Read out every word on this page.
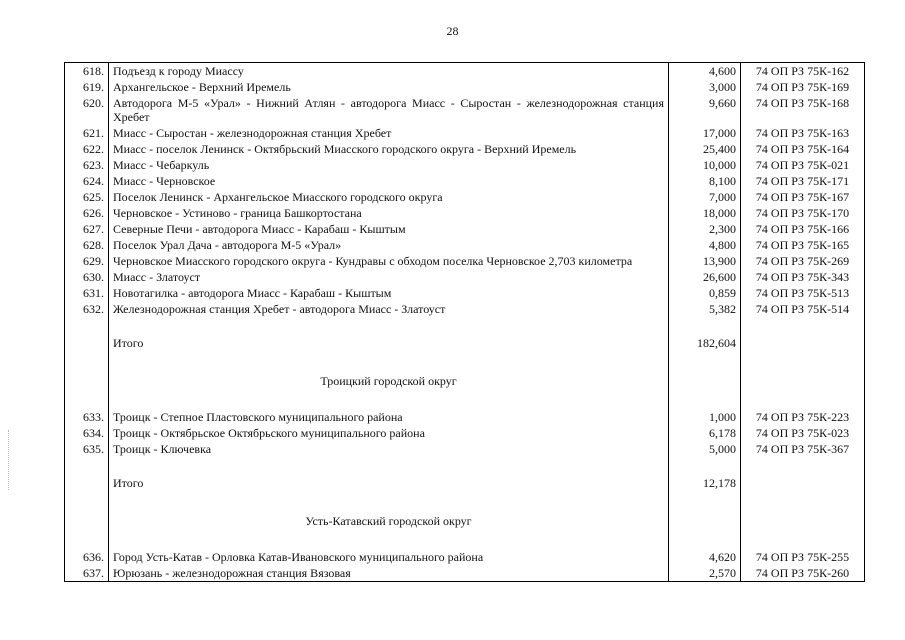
28
618.	Подъезд к городу Миассу	4,600	74 ОП РЗ 75К-162
619.	Архангельское - Верхний Иремель	3,000	74 ОП РЗ 75К-169
620.	Автодорога М-5 «Урал» - Нижний Атлян - автодорога Миасс - Сыростан - железнодорожная станция Хребет	9,660	74 ОП РЗ 75К-168
621.	Миасс - Сыростан - железнодорожная станция Хребет	17,000	74 ОП РЗ 75К-163
622.	Миасс - поселок Ленинск - Октябрьский Миасского городского округа - Верхний Иремель	25,400	74 ОП РЗ 75К-164
623.	Миасс - Чебаркуль	10,000	74 ОП РЗ 75К-021
624.	Миасс - Черновское	8,100	74 ОП РЗ 75К-171
625.	Поселок Ленинск - Архангельское Миасского городского округа	7,000	74 ОП РЗ 75К-167
626.	Черновское - Устиново - граница Башкортостана	18,000	74 ОП РЗ 75К-170
627.	Северные Печи - автодорога Миасс - Карабаш - Кыштым	2,300	74 ОП РЗ 75К-166
628.	Поселок Урал Дача - автодорога М-5 «Урал»	4,800	74 ОП РЗ 75К-165
629.	Черновское Миасского городского округа - Кундравы с обходом поселка Черновское 2,703 километра	13,900	74 ОП РЗ 75К-269
630.	Миасс - Златоуст	26,600	74 ОП РЗ 75К-343
631.	Новотагилка - автодорога Миасс - Карабаш - Кыштым	0,859	74 ОП РЗ 75К-513
632.	Железнодорожная станция Хребет - автодорога Миасс - Златоуст	5,382	74 ОП РЗ 75К-514

	Итого	182,604	

	Троицкий городской округ		

633.	Троицк - Степное Пластовского муниципального района	1,000	74 ОП РЗ 75К-223
634.	Троицк - Октябрьское Октябрьского муниципального района	6,178	74 ОП РЗ 75К-023
635.	Троицк - Ключевка	5,000	74 ОП РЗ 75К-367

	Итого	12,178	

	Усть-Катавский городской округ		

636.	Город Усть-Катав - Орловка Катав-Ивановского муниципального района	4,620	74 ОП РЗ 75К-255
637.	Юрюзань - железнодорожная станция Вязовая	2,570	74 ОП РЗ 75К-260
